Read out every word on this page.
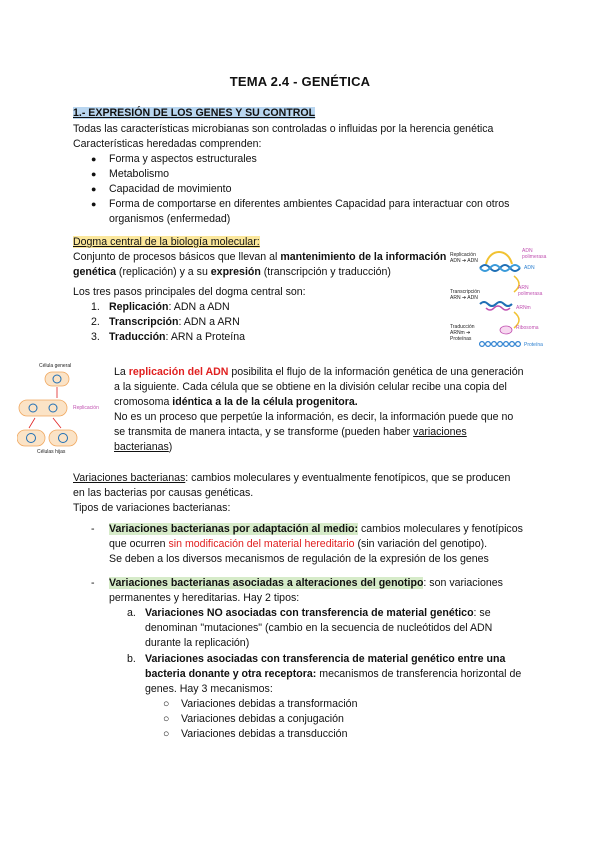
TEMA 2.4 - GENÉTICA
1.- EXPRESIÓN DE LOS GENES Y SU CONTROL
Todas las características microbianas son controladas o influidas por la herencia genética
Características heredadas comprenden:
● Forma y aspectos estructurales
● Metabolismo
● Capacidad de movimiento
● Forma de comportarse en diferentes ambientes Capacidad para interactuar con otros
organismos (enfermedad)
Dogma central de la biología molecular:
Conjunto de procesos básicos que llevan al mantenimiento de la información
genética (replicación) y a su expresión (transcripción y traducción)
Los tres pasos principales del dogma central son:
1. Replicación: ADN a ADN
2. Transcripción: ADN a ARN
3. Traducción: ARN a Proteína
Replicación ADN ➔ ADN
ADN polimerasa
ADN
Transcripción ARN ➔ ADN
ARN polimerasa
ARNm
Traducción ARNm ➔ Proteínas
Ribosoma
Proteína
Célula general
Replicación
Células hijas
La replicación del ADN posibilita el flujo de la información genética de una generación
a la siguiente. Cada célula que se obtiene en la división celular recibe una copia del
cromosoma idéntica a la de la célula progenitora.
No es un proceso que perpetúe la información, es decir, la información puede que no
se transmita de manera intacta, y se transforme (pueden haber variaciones
bacterianas)
Variaciones bacterianas: cambios moleculares y eventualmente fenotípicos, que se producen
en las bacterias por causas genéticas.
Tipos de variaciones bacterianas:
- Variaciones bacterianas por adaptación al medio: cambios moleculares y fenotípicos
que ocurren sin modificación del material hereditario (sin variación del genotipo).
Se deben a los diversos mecanismos de regulación de la expresión de los genes
- Variaciones bacterianas asociadas a alteraciones del genotipo: son variaciones
permanentes y hereditarias. Hay 2 tipos:
a. Variaciones NO asociadas con transferencia de material genético: se
denominan "mutaciones" (cambio en la secuencia de nucleótidos del ADN
durante la replicación)
b. Variaciones asociadas con transferencia de material genético entre una
bacteria donante y otra receptora: mecanismos de transferencia horizontal de
genes. Hay 3 mecanismos:
○ Variaciones debidas a transformación
○ Variaciones debidas a conjugación
○ Variaciones debidas a transducción
